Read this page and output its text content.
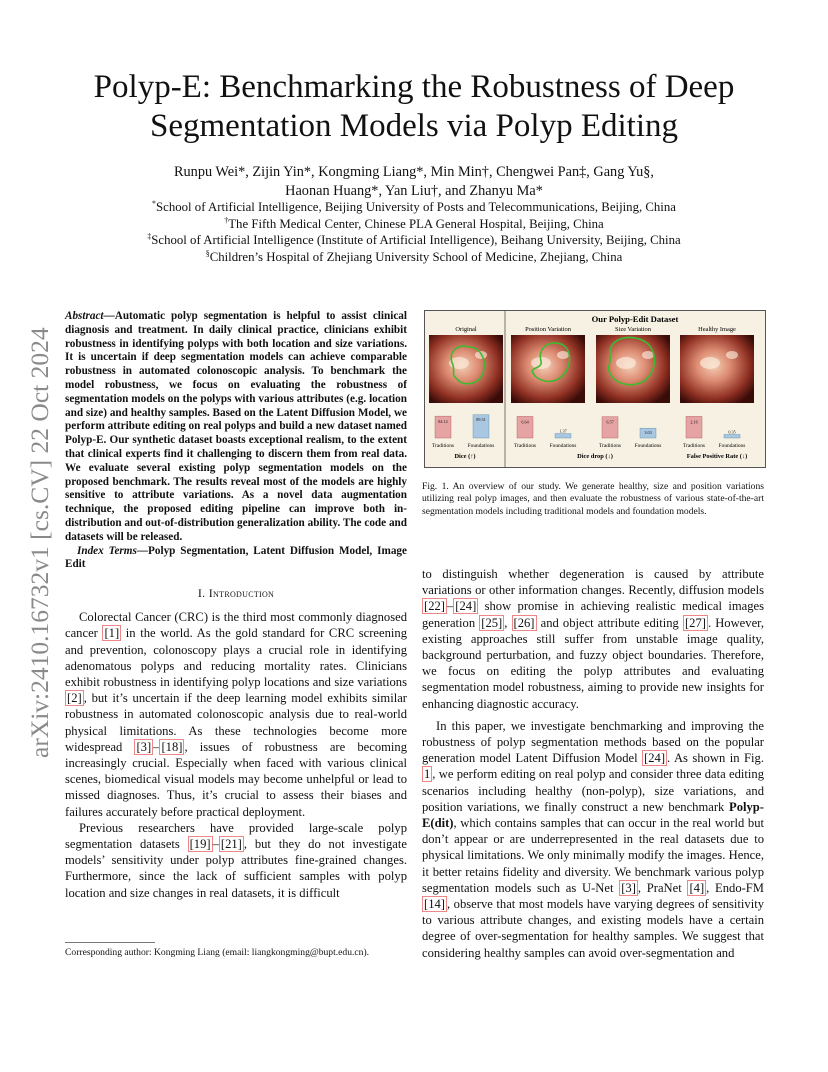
arXiv:2410.16732v1 [cs.CV] 22 Oct 2024
Polyp-E: Benchmarking the Robustness of Deep
Segmentation Models via Polyp Editing
Runpu Wei*, Zijin Yin*, Kongming Liang*, Min Min†, Chengwei Pan‡, Gang Yu§,
Haonan Huang*, Yan Liu†, and Zhanyu Ma*
*School of Artificial Intelligence, Beijing University of Posts and Telecommunications, Beijing, China
†The Fifth Medical Center, Chinese PLA General Hospital, Beijing, China
‡School of Artificial Intelligence (Institute of Artificial Intelligence), Beihang University, Beijing, China
§Children’s Hospital of Zhejiang University School of Medicine, Zhejiang, China

Abstract—Automatic polyp segmentation is helpful to assist clinical diagnosis and treatment. In daily clinical practice, clinicians exhibit robustness in identifying polyps with both location and size variations. It is uncertain if deep segmentation models can achieve comparable robustness in automated colonoscopic analysis. To benchmark the model robustness, we focus on evaluating the robustness of segmentation models on the polyps with various attributes (e.g. location and size) and healthy samples. Based on the Latent Diffusion Model, we perform attribute editing on real polyps and build a new dataset named Polyp-E. Our synthetic dataset boasts exceptional realism, to the extent that clinical experts find it challenging to discern them from real data. We evaluate several existing polyp segmentation models on the proposed benchmark. The results reveal most of the models are highly sensitive to attribute variations. As a novel data augmentation technique, the proposed editing pipeline can improve both in-distribution and out-of-distribution generalization ability. The code and datasets will be released.

Index Terms—Polyp Segmentation, Latent Diffusion Model, Image Edit

I. Introduction

Colorectal Cancer (CRC) is the third most commonly diagnosed cancer [1] in the world. As the gold standard for CRC screening and prevention, colonoscopy plays a crucial role in identifying adenomatous polyps and reducing mortality rates. Clinicians exhibit robustness in identifying polyp locations and size variations [2] , but it’s uncertain if the deep learning model exhibits similar robustness in automated colonoscopic analysis due to real-world physical limitations. As these technologies become more widespread [3] – [18] , issues of robustness are becoming increasingly crucial. Especially when faced with various clinical scenes, biomedical visual models may become unhelpful or lead to missed diagnoses. Thus, it’s crucial to assess their biases and failures accurately before practical deployment.

Previous researchers have provided large-scale polyp segmentation datasets [19] – [21] , but they do not investigate models’ sensitivity under polyp attributes fine-grained changes. Furthermore, since the lack of sufficient samples with polyp location and size changes in real datasets, it is difficult

Corresponding author: Kongming Liang (email: liangkongming@bupt.edu.cn).
Our Polyp-Edit Dataset
Original
84.12	89.31
Traditions	Foundations
Position Variation
6.64
1.37
Traditions	Foundations
Size Variation
6.57
3.03
Traditions	Foundations
Healthy Image
2.16
0.35
Traditions	Foundations
Dice (↑)	Dice drop (↓)	False Positive Rate (↓)
Fig. 1. An overview of our study. We generate healthy, size and position variations utilizing real polyp images, and then evaluate the robustness of various state-of-the-art segmentation models including traditional models and foundation models.

to distinguish whether degeneration is caused by attribute variations or other information changes. Recently, diffusion models [22] – [24] show promise in achieving realistic medical images generation [25] , [26] and object attribute editing [27] . However, existing approaches still suffer from unstable image quality, background perturbation, and fuzzy object boundaries. Therefore, we focus on editing the polyp attributes and evaluating segmentation model robustness, aiming to provide new insights for enhancing diagnostic accuracy.

In this paper, we investigate benchmarking and improving the robustness of polyp segmentation methods based on the popular generation model Latent Diffusion Model [24] . As shown in Fig. 1 , we perform editing on real polyp and consider three data editing scenarios including healthy (non-polyp), size variations, and position variations, we finally construct a new benchmark Polyp-E(dit), which contains samples that can occur in the real world but don’t appear or are underrepresented in the real datasets due to physical limitations. We only minimally modify the images. Hence, it better retains fidelity and diversity. We benchmark various polyp segmentation models such as U-Net [3] , PraNet [4] , Endo-FM [14] , observe that most models have varying degrees of sensitivity to various attribute changes, and existing models have a certain degree of over-segmentation for healthy samples. We suggest that considering healthy samples can avoid over-segmentation and
